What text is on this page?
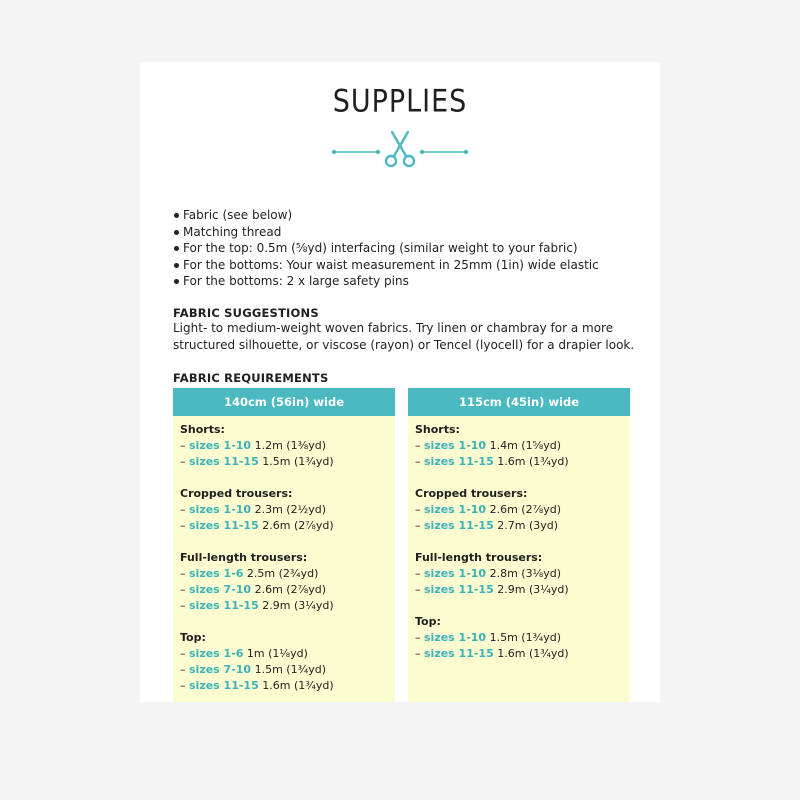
SUPPLIES
Fabric (see below)
Matching thread
For the top: 0.5m (⅝yd) interfacing (similar weight to your fabric)
For the bottoms: Your waist measurement in 25mm (1in) wide elastic
For the bottoms: 2 x large safety pins
FABRIC SUGGESTIONS

Light- to medium-weight woven fabrics. Try linen or chambray for a more structured silhouette, or viscose (rayon) or Tencel (lyocell) for a drapier look.

FABRIC REQUIREMENTS
140cm (56in) wide
Shorts:
– sizes 1-10 1.2m (1⅜yd)
– sizes 11-15 1.5m (1¾yd)
Cropped trousers:
– sizes 1-10 2.3m (2½yd)
– sizes 11-15 2.6m (2⅞yd)
Full-length trousers:
– sizes 1-6 2.5m (2¾yd)
– sizes 7-10 2.6m (2⅞yd)
– sizes 11-15 2.9m (3¼yd)
Top:
– sizes 1-6 1m (1⅛yd)
– sizes 7-10 1.5m (1¾yd)
– sizes 11-15 1.6m (1¾yd)
115cm (45in) wide
Shorts:
– sizes 1-10 1.4m (1⅝yd)
– sizes 11-15 1.6m (1¾yd)
Cropped trousers:
– sizes 1-10 2.6m (2⅞yd)
– sizes 11-15 2.7m (3yd)
Full-length trousers:
– sizes 1-10 2.8m (3⅛yd)
– sizes 11-15 2.9m (3¼yd)
Top:
– sizes 1-10 1.5m (1¾yd)
– sizes 11-15 1.6m (1¾yd)
